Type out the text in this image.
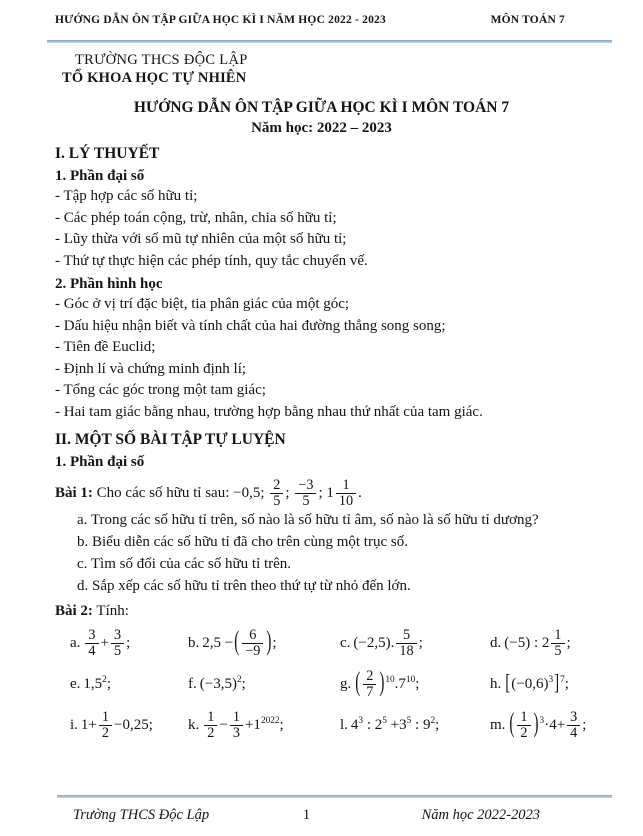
HƯỚNG DẪN ÔN TẬP GIỮA HỌC KÌ I NĂM HỌC 2022 - 2023	MÔN TOÁN 7
TRƯỜNG THCS ĐỘC LẬP
TỔ KHOA HỌC TỰ NHIÊN
HƯỚNG DẪN ÔN TẬP GIỮA HỌC KÌ I MÔN TOÁN 7
Năm học: 2022 – 2023
I. LÝ THUYẾT
1. Phần đại số
- Tập hợp các số hữu tỉ;
- Các phép toán cộng, trừ, nhân, chia số hữu tỉ;
- Lũy thừa với số mũ tự nhiên của một số hữu tỉ;
- Thứ tự thực hiện các phép tính, quy tắc chuyển vế.
2. Phần hình học
- Góc ở vị trí đặc biệt, tia phân giác của một góc;
- Dấu hiệu nhận biết và tính chất của hai đường thẳng song song;
- Tiên đề Euclid;
- Định lí và chứng minh định lí;
- Tổng các góc trong một tam giác;
- Hai tam giác bằng nhau, trường hợp bằng nhau thứ nhất của tam giác.
II. MỘT SỐ BÀI TẬP TỰ LUYỆN
1. Phần đại số
Bài 1: Cho các số hữu tỉ sau: −0,5; $\frac{2}{5}$ ; $\frac{-3}{5}$ ; $1 \frac{1}{10}$ .
a. Trong các số hữu tỉ trên, số nào là số hữu tỉ âm, số nào là số hữu tỉ dương?
b. Biểu diễn các số hữu tỉ đã cho trên cùng một trục số.
c. Tìm số đối của các số hữu tỉ trên.
d. Sắp xếp các số hữu tỉ trên theo thứ tự từ nhỏ đến lớn.
Bài 2: Tính:
a. $\frac{3}{4} + \frac{3}{5}$ ;	b. 2,5 −( $\frac{6}{-9}$ );	c. (−2,5). $\frac{5}{18}$ ;	d. (−5) : $2 \frac{1}{5}$ ;
e. $1,5^2$;	f. $(-3,5)^2$;	g. ( $\frac{2}{7} )^{10}.7^{10}$;	h. $[(-0,6)^3]^7$;
i. $1+ \frac{1}{2} -0,25$;	k. $\frac{1}{2} - \frac{1}{3} +1^{2022}$;	l. $4^3$ : $2^5 +3^5$ : $9^2$;	m. ( $\frac{1}{2} )^3\cdot 4+ \frac{3}{4}$ ;
Trường THCS Độc Lập	1	Năm học 2022-2023
